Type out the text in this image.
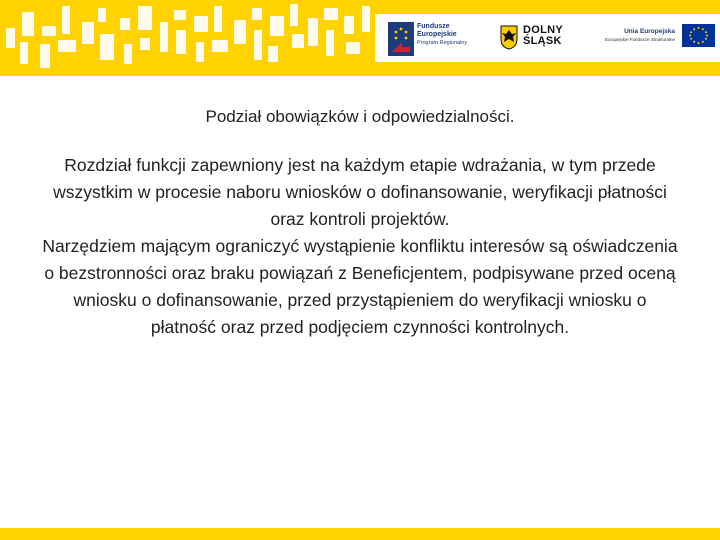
Fundusze
Europejskie
Program Regionalny
DOLNY
ŚLĄSK
Unia Europejska
Europejskie Fundusze Strukturalne

Podział obowiązków i odpowiedzialności.

Rozdział funkcji zapewniony jest na każdym etapie wdrażania, w tym przede wszystkim w procesie naboru wniosków o dofinansowanie, weryfikacji płatności oraz kontroli projektów.

Narzędziem mającym ograniczyć wystąpienie konfliktu interesów są oświadczenia o bezstronności oraz braku powiązań z Beneficjentem, podpisywane przed oceną wniosku o dofinansowanie, przed przystąpieniem do weryfikacji wniosku o płatność oraz przed podjęciem czynności kontrolnych.
